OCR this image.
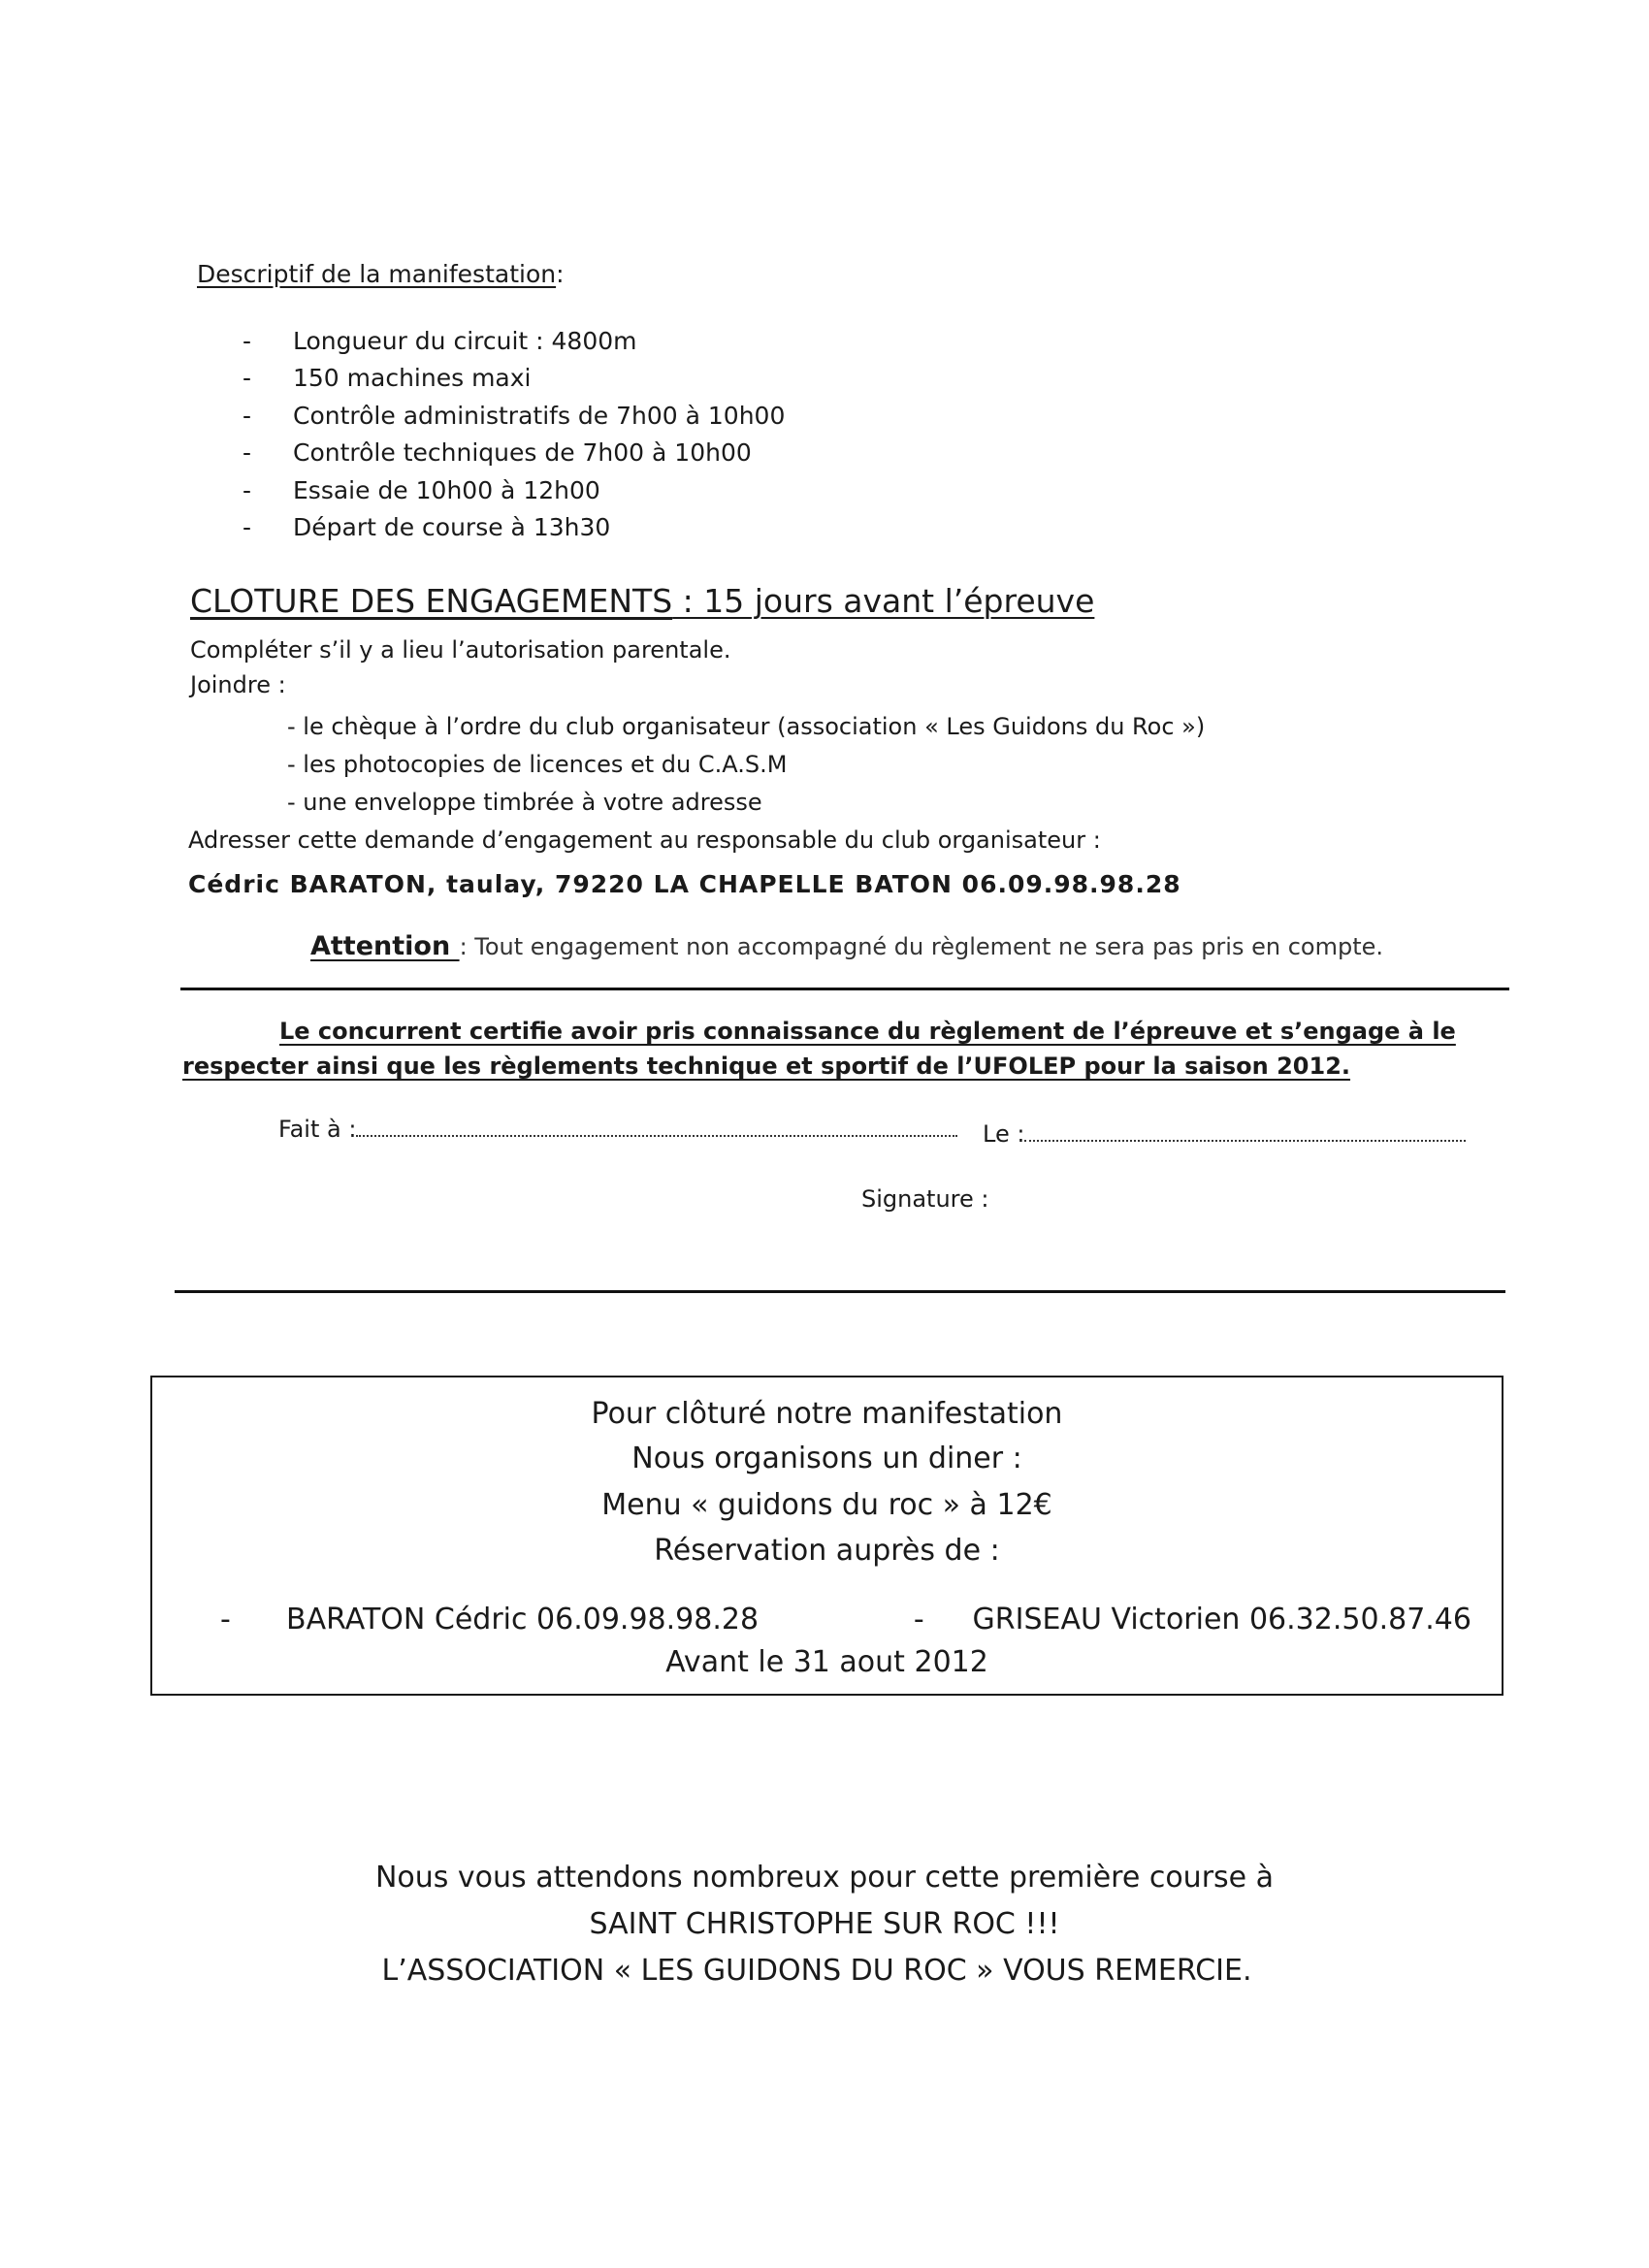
Descriptif de la manifestation:
-	Longueur du circuit : 4800m
-	150 machines maxi
-	Contrôle administratifs de 7h00 à 10h00
-	Contrôle techniques de 7h00 à 10h00
-	Essaie de 10h00 à 12h00
-	Départ de course à 13h30
CLOTURE DES ENGAGEMENTS : 15 jours avant l’épreuve
Compléter s’il y a lieu l’autorisation parentale.
Joindre :
- le chèque à l’ordre du club organisateur (association « Les Guidons du Roc »)
- les photocopies de licences et du C.A.S.M
- une enveloppe timbrée à votre adresse
Adresser cette demande d’engagement au responsable du club organisateur :
Cédric BARATON, taulay, 79220 LA CHAPELLE BATON 06.09.98.98.28
Attention : Tout engagement non accompagné du règlement ne sera pas pris en compte.
Le concurrent certifie avoir pris connaissance du règlement de l’épreuve et s’engage à le respecter ainsi que les règlements technique et sportif de l’UFOLEP pour la saison 2012.
Fait à :	Le :
Signature :
Pour clôturé notre manifestation
Nous organisons un diner :
Menu « guidons du roc » à 12€
Réservation auprès de :
-      BARATON Cédric 06.09.98.98.28	- GRISEAU Victorien 06.32.50.87.46
Avant le 31 aout 2012
Nous vous attendons nombreux pour cette première course à
SAINT CHRISTOPHE SUR ROC !!!
L’ASSOCIATION « LES GUIDONS DU ROC » VOUS REMERCIE.
